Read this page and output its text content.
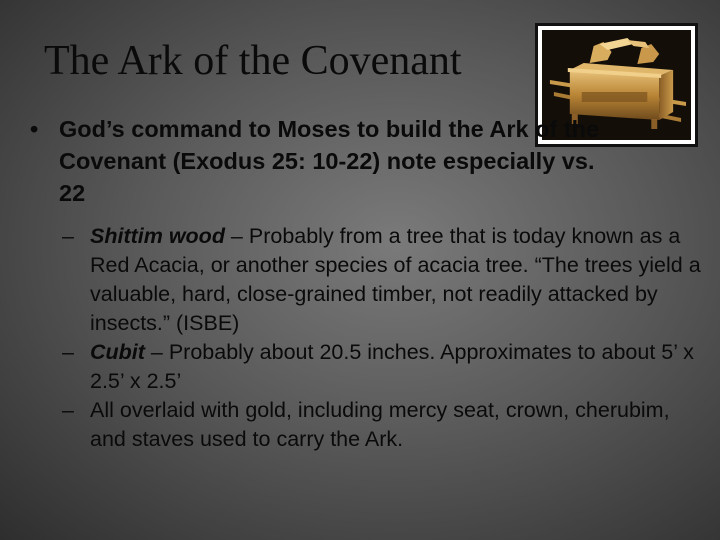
The Ark of the Covenant
• God’s command to Moses to build the Ark of the Covenant (Exodus 25: 10-22) note especially vs. 22
– Shittim wood – Probably from a tree that is today known as a Red Acacia, or another species of acacia tree. “The trees yield a valuable, hard, close-grained timber, not readily attacked by insects.” (ISBE)
– Cubit – Probably about 20.5 inches. Approximates to about 5’ x 2.5’ x 2.5’
– All overlaid with gold, including mercy seat, crown, cherubim, and staves used to carry the Ark.
